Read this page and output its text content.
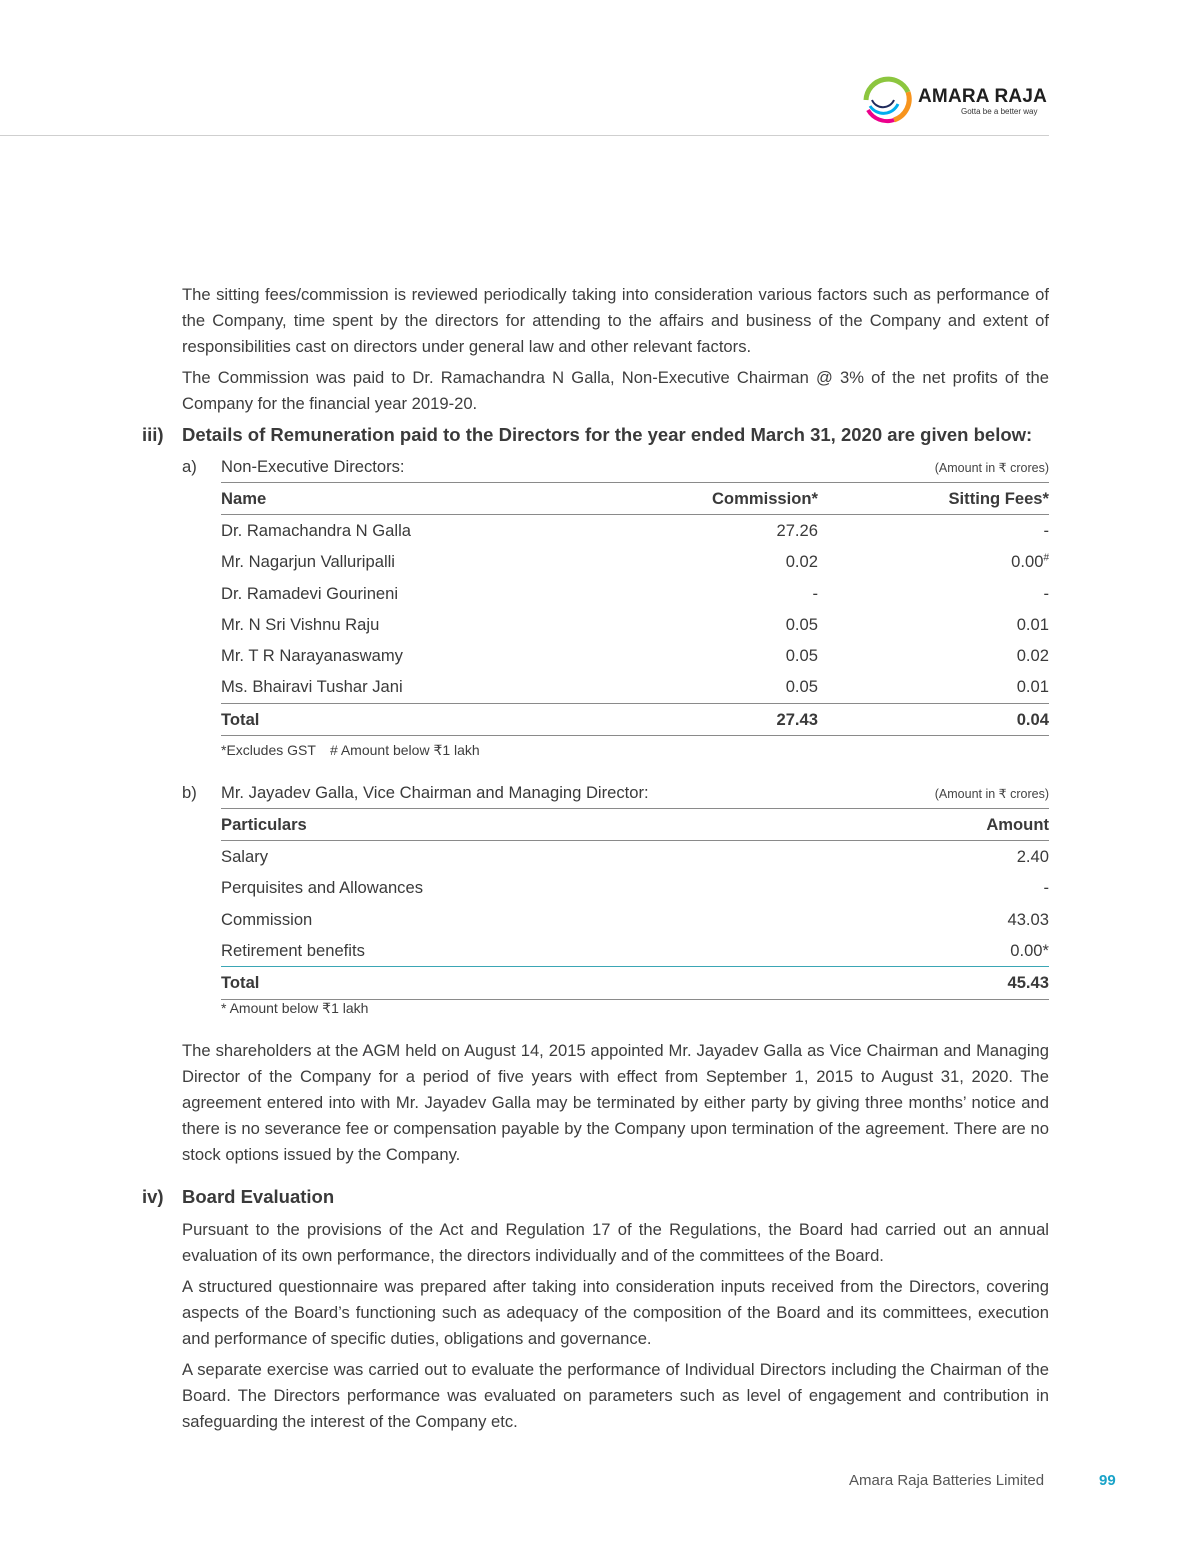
AMARA RAJA
Gotta be a better way

The sitting fees/commission is reviewed periodically taking into consideration various factors such as performance of the Company, time spent by the directors for attending to the affairs and business of the Company and extent of responsibilities cast on directors under general law and other relevant factors.

The Commission was paid to Dr. Ramachandra N Galla, Non-Executive Chairman @ 3% of the net profits of the Company for the financial year 2019-20.

iii) Details of Remuneration paid to the Directors for the year ended March 31, 2020 are given below:
a) Non-Executive Directors:	(Amount in ₹ crores)
Name	Commission*	Sitting Fees*
Dr. Ramachandra N Galla	27.26	-
Mr. Nagarjun Valluripalli	0.02	0.00#
Dr. Ramadevi Gourineni	-	-
Mr. N Sri Vishnu Raju	0.05	0.01
Mr. T R Narayanaswamy	0.05	0.02
Ms. Bhairavi Tushar Jani	0.05	0.01
Total	27.43	0.04
*Excludes GST # Amount below ₹1 lakh
b) Mr. Jayadev Galla, Vice Chairman and Managing Director:	(Amount in ₹ crores)
Particulars	Amount
Salary	2.40
Perquisites and Allowances	-
Commission	43.03
Retirement benefits	0.00*
Total	45.43
* Amount below ₹1 lakh

The shareholders at the AGM held on August 14, 2015 appointed Mr. Jayadev Galla as Vice Chairman and Managing Director of the Company for a period of five years with effect from September 1, 2015 to August 31, 2020. The agreement entered into with Mr. Jayadev Galla may be terminated by either party by giving three months’ notice and there is no severance fee or compensation payable by the Company upon termination of the agreement. There are no stock options issued by the Company.

iv) Board Evaluation

Pursuant to the provisions of the Act and Regulation 17 of the Regulations, the Board had carried out an annual evaluation of its own performance, the directors individually and of the committees of the Board.

A structured questionnaire was prepared after taking into consideration inputs received from the Directors, covering aspects of the Board’s functioning such as adequacy of the composition of the Board and its committees, execution and performance of specific duties, obligations and governance.

A separate exercise was carried out to evaluate the performance of Individual Directors including the Chairman of the Board. The Directors performance was evaluated on parameters such as level of engagement and contribution in safeguarding the interest of the Company etc.

Amara Raja Batteries Limited	99
